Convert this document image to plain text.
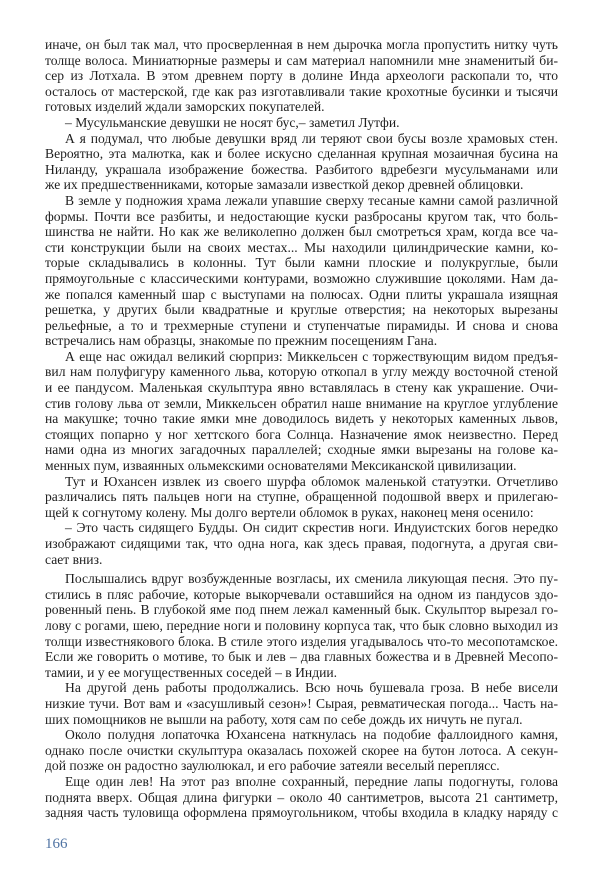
иначе, он был так мал, что просверленная в нем дырочка могла пропустить нитку чуть
толще волоса. Миниатюрные размеры и сам материал напомнили мне знаменитый би-
сер из Лотхала. В этом древнем порту в долине Инда археологи раскопали то, что
осталось от мастерской, где как раз изготавливали такие крохотные бусинки и тысячи
готовых изделий ждали заморских покупателей.
– Мусульманские девушки не носят бус,– заметил Лутфи.
А я подумал, что любые девушки вряд ли теряют свои бусы возле храмовых стен.
Вероятно, эта малютка, как и более искусно сделанная крупная мозаичная бусина на
Ниланду, украшала изображение божества. Разбитого вдребезги мусульманами или
же их предшественниками, которые замазали известкой декор древней облицовки.
В земле у подножия храма лежали упавшие сверху тесаные камни самой различной
формы. Почти все разбиты, и недостающие куски разбросаны кругом так, что боль-
шинства не найти. Но как же великолепно должен был смотреться храм, когда все ча-
сти конструкции были на своих местах... Мы находили цилиндрические камни, ко-
торые складывались в колонны. Тут были камни плоские и полукруглые, были
прямоугольные с классическими контурами, возможно служившие цоколями. Нам да-
же попался каменный шар с выступами на полюсах. Одни плиты украшала изящная
решетка, у других были квадратные и круглые отверстия; на некоторых вырезаны
рельефные, а то и трехмерные ступени и ступенчатые пирамиды. И снова и снова
встречались нам образцы, знакомые по прежним посещениям Гана.
А еще нас ожидал великий сюрприз: Миккельсен с торжествующим видом предъя-
вил нам полуфигуру каменного льва, которую откопал в углу между восточной стеной
и ее пандусом. Маленькая скульптура явно вставлялась в стену как украшение. Очи-
стив голову льва от земли, Миккельсен обратил наше внимание на круглое углубление
на макушке; точно такие ямки мне доводилось видеть у некоторых каменных львов,
стоящих попарно у ног хеттского бога Солнца. Назначение ямок неизвестно. Перед
нами одна из многих загадочных параллелей; сходные ямки вырезаны на голове ка-
менных пум, изваянных ольмекскими основателями Мексиканской цивилизации.
Тут и Юхансен извлек из своего шурфа обломок маленькой статуэтки. Отчетливо
различались пять пальцев ноги на ступне, обращенной подошвой вверх и прилегаю-
щей к согнутому колену. Мы долго вертели обломок в руках, наконец меня осенило:
– Это часть сидящего Будды. Он сидит скрестив ноги. Индуистских богов нередко
изображают сидящими так, что одна нога, как здесь правая, подогнута, а другая сви-
сает вниз.
Послышались вдруг возбужденные возгласы, их сменила ликующая песня. Это пу-
стились в пляс рабочие, которые выкорчевали оставшийся на одном из пандусов здо-
ровенный пень. В глубокой яме под пнем лежал каменный бык. Скульптор вырезал го-
лову с рогами, шею, передние ноги и половину корпуса так, что бык словно выходил из
толщи известнякового блока. В стиле этого изделия угадывалось что-то месопотамское.
Если же говорить о мотиве, то бык и лев – два главных божества и в Древней Месопо-
тамии, и у ее могущественных соседей – в Индии.
На другой день работы продолжались. Всю ночь бушевала гроза. В небе висели
низкие тучи. Вот вам и «засушливый сезон»! Сырая, ревматическая погода... Часть на-
ших помощников не вышли на работу, хотя сам по себе дождь их ничуть не пугал.
Около полудня лопаточка Юхансена наткнулась на подобие фаллоидного камня,
однако после очистки скульптура оказалась похожей скорее на бутон лотоса. А секун-
дой позже он радостно заулюлюкал, и его рабочие затеяли веселый переплясс.
Еще один лев! На этот раз вполне сохранный, передние лапы подогнуты, голова
поднята вверх. Общая длина фигурки – около 40 сантиметров, высота 21 сантиметр,
задняя часть туловища оформлена прямоугольником, чтобы входила в кладку наряду с
166
